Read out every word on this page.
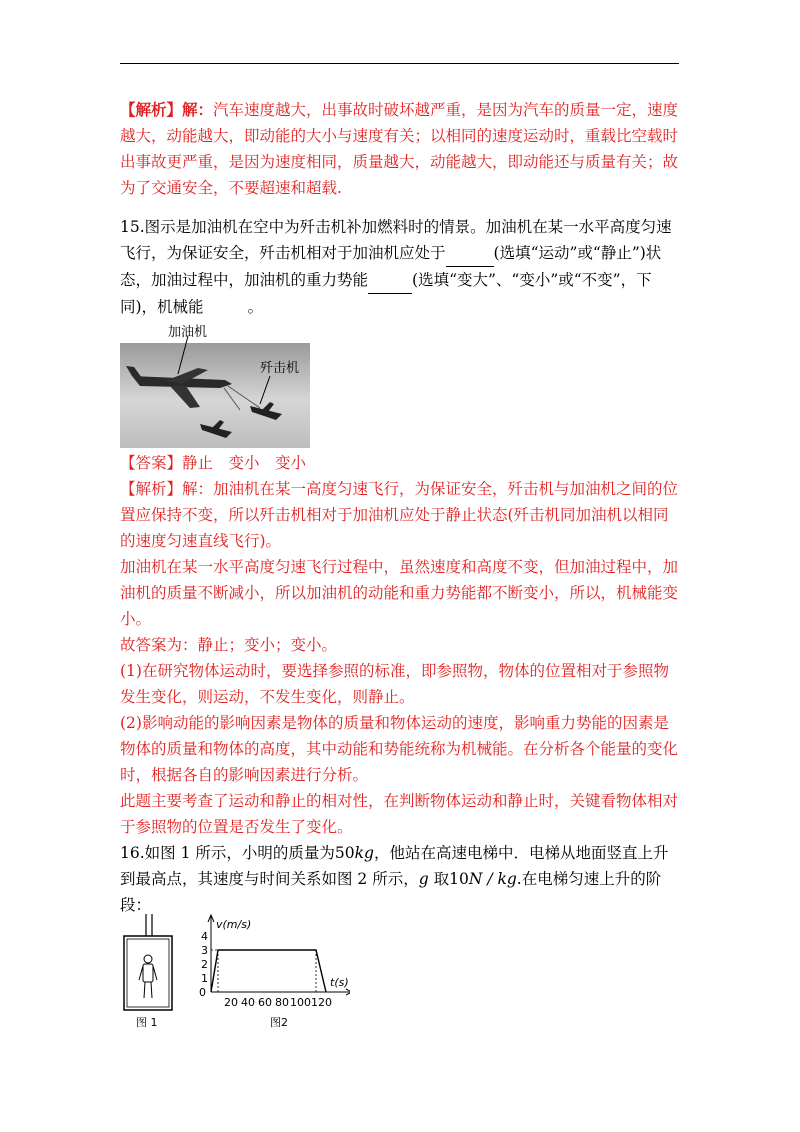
【解析】解：汽车速度越大，出事故时破坏越严重，是因为汽车的质量一定，速度越大，动能越大，即动能的大小与速度有关；以相同的速度运动时，重载比空载时出事故更严重，是因为速度相同，质量越大，动能越大，即动能还与质量有关；故为了交通安全，不要超速和超载.
15.图示是加油机在空中为歼击机补加燃料时的情景。加油机在某一水平高度匀速飞行，为保证安全，歼击机相对于加油机应处于	(选填“运动”或“静止”)状态，加油过程中，加油机的重力势能	(选填“变大”、“变小”或“不变”，下同)，机械能	。
加油机
歼击机
【答案】静止　变小　变小
【解析】解：加油机在某一高度匀速飞行，为保证安全，歼击机与加油机之间的位置应保持不变，所以歼击机相对于加油机应处于静止状态(歼击机同加油机以相同的速度匀速直线飞行)。
加油机在某一水平高度匀速飞行过程中，虽然速度和高度不变，但加油过程中，加油机的质量不断减小，所以加油机的动能和重力势能都不断变小，所以，机械能变小。
故答案为：静止；变小；变小。
(1)在研究物体运动时，要选择参照的标准，即参照物，物体的位置相对于参照物发生变化，则运动，不发生变化，则静止。
(2)影响动能的影响因素是物体的质量和物体运动的速度，影响重力势能的因素是物体的质量和物体的高度，其中动能和势能统称为机械能。在分析各个能量的变化时，根据各自的影响因素进行分析。
此题主要考查了运动和静止的相对性，在判断物体运动和静止时，关键看物体相对于参照物的位置是否发生了变化。
16.如图 1 所示，小明的质量为50kg，他站在高速电梯中．电梯从地面竖直上升到最高点，其速度与时间关系如图 2 所示，g 取10N / kg.在电梯匀速上升的阶段：
图 1
v(m/s)
t(s)
0
1
2
3
4
20 40 60 80 100 120
图2
